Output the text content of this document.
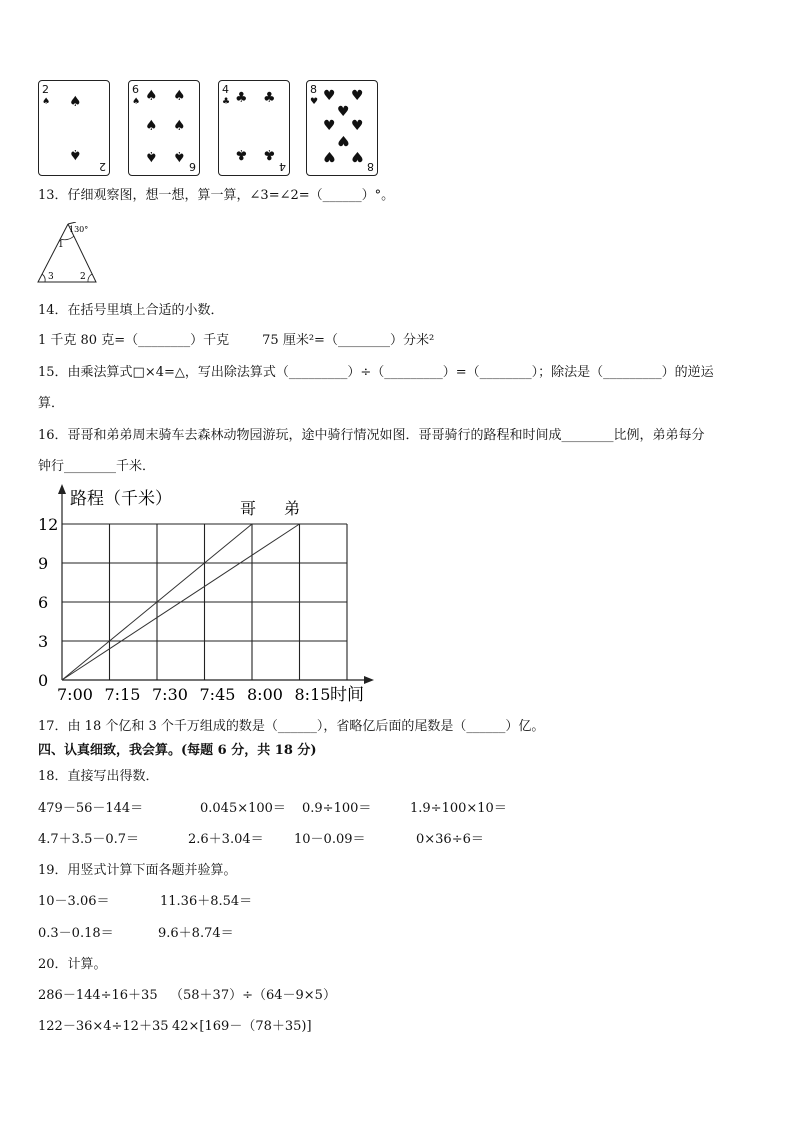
2
♠ ♠
♠
2
6
♠ ♠ ♠
♠ ♠
♠ ♠
6
4
♣ ♣ ♣
♣ ♣
4
8
♥ ♥ ♥
♥
♥ ♥
♥
♥ ♥
8
13．仔细观察图，想一想，算一算，∠3=∠2=（______）°。
130°
1
3	2
14．在括号里填上合适的小数．
1 千克 80 克=（________）千克        75 厘米²=（________）分米²
15．由乘法算式□×4=△，写出除法算式（_________）÷（_________）=（________）；除法是（_________）的逆运
算．
16．哥哥和弟弟周末骑车去森林动物园游玩，途中骑行情况如图．哥哥骑行的路程和时间成________比例，弟弟每分
钟行________千米．
0
3
6
9
12
7:00 7:15 7:30 7:45 8:00 8:15
路程（千米）
时间
哥 弟
17．由 18 个亿和 3 个千万组成的数是（______），省略亿后面的尾数是（______）亿。
四、认真细致，我会算。(每题 6 分，共 18 分)
18．直接写出得数．
479－56－144＝	0.045×100＝ 0.9÷100＝	1.9÷100×10＝
4.7＋3.5－0.7＝	2.6＋3.04＝ 10－0.09＝	0×36÷6＝
19．用竖式计算下面各题并验算。
10－3.06＝	11.36＋8.54＝
0.3－0.18＝	9.6＋8.74＝
20．计算。
286－144÷16＋35 （58＋37）÷（64－9×5）
122－36×4÷12＋35 42×[169－（78＋35)]
